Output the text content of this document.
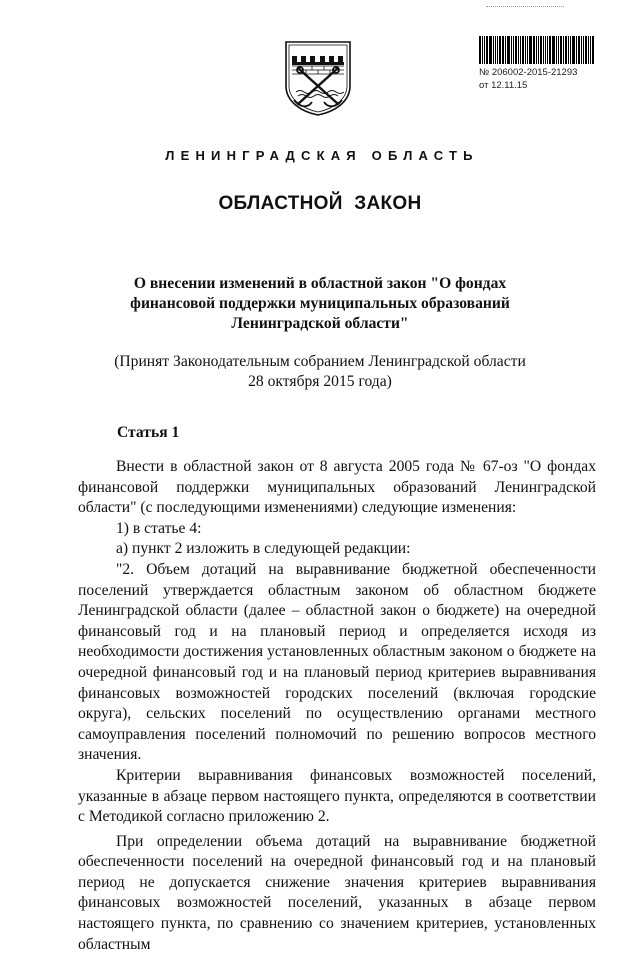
№ 206002-2015-21293
от 12.11.15
ЛЕНИНГРАДСКАЯ ОБЛАСТЬ
ОБЛАСТНОЙ ЗАКОН
О внесении изменений в областной закон "О фондах
финансовой поддержки муниципальных образований
Ленинградской области"
(Принят Законодательным собранием Ленинградской области
28 октября 2015 года)
Статья 1

Внести в областной закон от 8 августа 2005 года № 67-оз "О фондах финансовой поддержки муниципальных образований Ленинградской области" (с последующими изменениями) следующие изменения:

1) в статье 4:

а) пункт 2 изложить в следующей редакции:

"2. Объем дотаций на выравнивание бюджетной обеспеченности поселений утверждается областным законом об областном бюджете Ленинградской области (далее – областной закон о бюджете) на очередной финансовый год и на плановый период и определяется исходя из необходимости достижения установленных областным законом о бюджете на очередной финансовый год и на плановый период критериев выравнивания финансовых возможностей городских поселений (включая городские округа), сельских поселений по осуществлению органами местного самоуправления поселений полномочий по решению вопросов местного значения.

Критерии выравнивания финансовых возможностей поселений, указанные в абзаце первом настоящего пункта, определяются в соответствии с Методикой согласно приложению 2.

При определении объема дотаций на выравнивание бюджетной обеспеченности поселений на очередной финансовый год и на плановый период не допускается снижение значения критериев выравнивания финансовых возможностей поселений, указанных в абзаце первом настоящего пункта, по сравнению со значением критериев, установленных областным
